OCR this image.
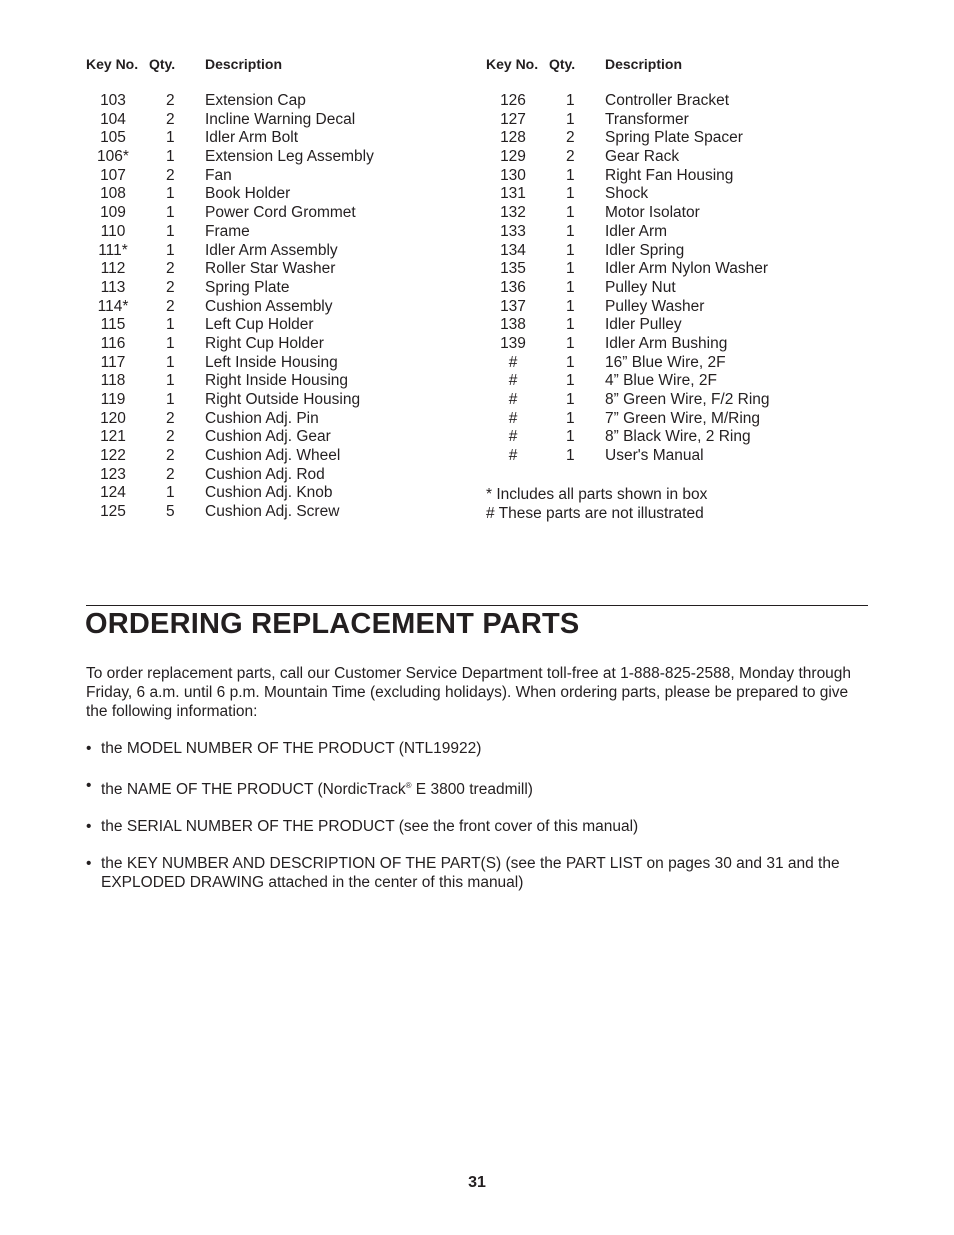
Key No. Qty.	Description
103	2	Extension Cap
104	2	Incline Warning Decal
105	1	Idler Arm Bolt
106*	1	Extension Leg Assembly
107	2	Fan
108	1	Book Holder
109	1	Power Cord Grommet
110	1	Frame
111*	1	Idler Arm Assembly
112	2	Roller Star Washer
113	2	Spring Plate
114*	2	Cushion Assembly
115	1	Left Cup Holder
116	1	Right Cup Holder
117	1	Left Inside Housing
118	1	Right Inside Housing
119	1	Right Outside Housing
120	2	Cushion Adj. Pin
121	2	Cushion Adj. Gear
122	2	Cushion Adj. Wheel
123	2	Cushion Adj. Rod
124	1	Cushion Adj. Knob
125	5	Cushion Adj. Screw
Key No. Qty.	Description
126	1	Controller Bracket
127	1	Transformer
128	2	Spring Plate Spacer
129	2	Gear Rack
130	1	Right Fan Housing
131	1	Shock
132	1	Motor Isolator
133	1	Idler Arm
134	1	Idler Spring
135	1	Idler Arm Nylon Washer
136	1	Pulley Nut
137	1	Pulley Washer
138	1	Idler Pulley
139	1	Idler Arm Bushing
#	1	16” Blue Wire, 2F
#	1	4” Blue Wire, 2F
#	1	8” Green Wire, F/2 Ring
#	1	7” Green Wire, M/Ring
#	1	8” Black Wire, 2 Ring
#	1	User's Manual
* Includes all parts shown in box
# These parts are not illustrated
ORDERING REPLACEMENT PARTS

To order replacement parts, call our Customer Service Department toll-free at 1-888-825-2588, Monday through Friday, 6 a.m. until 6 p.m. Mountain Time (excluding holidays). When ordering parts, please be prepared to give the following information:

• the MODEL NUMBER OF THE PRODUCT (NTL19922)
• the NAME OF THE PRODUCT (NordicTrack® E 3800 treadmill)
• the SERIAL NUMBER OF THE PRODUCT (see the front cover of this manual)
• the KEY NUMBER AND DESCRIPTION OF THE PART(S) (see the PART LIST on pages 30 and 31 and the EXPLODED DRAWING attached in the center of this manual)
31
